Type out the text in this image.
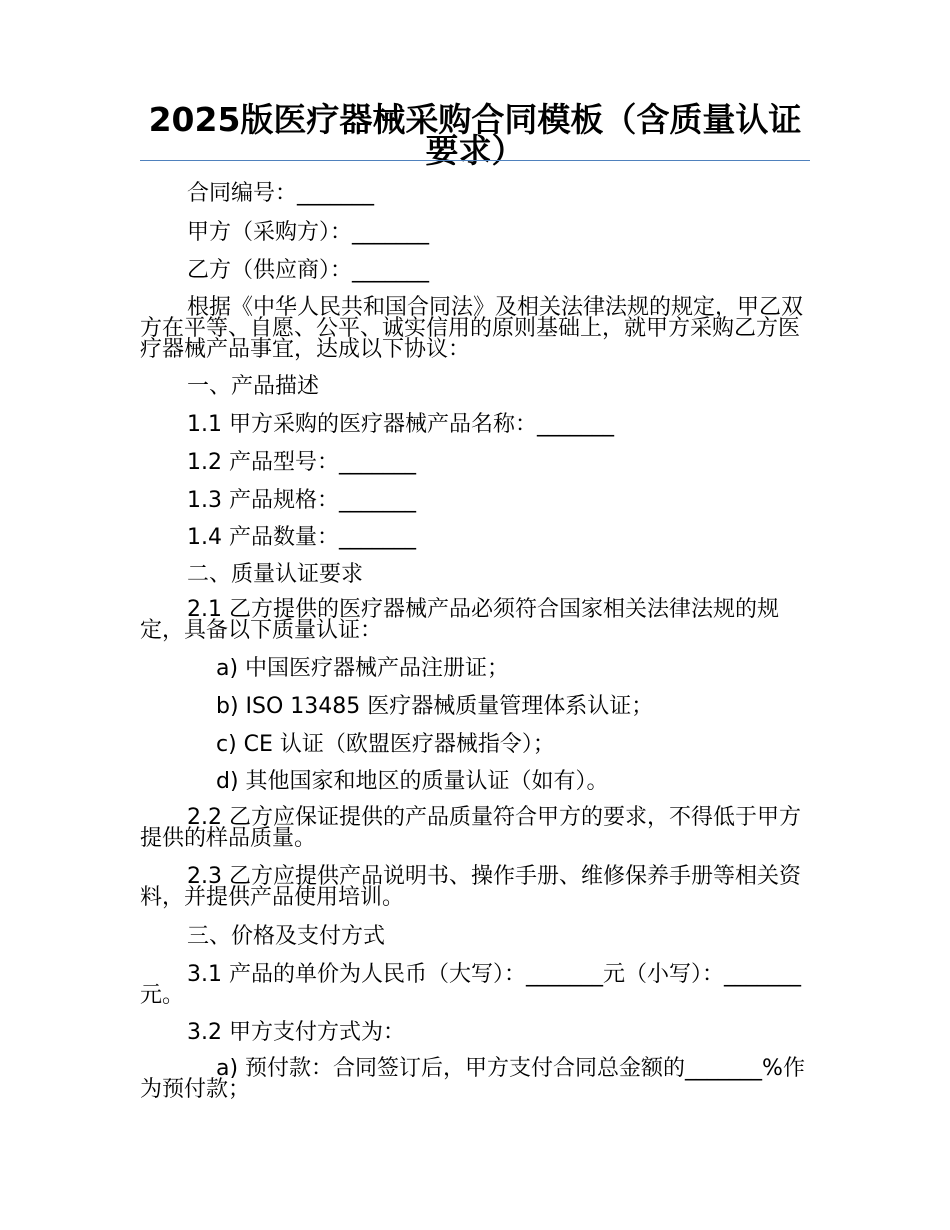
2025版医疗器械采购合同模板（含质量认证要求）
合同编号：_______
甲方（采购方）：_______
乙方（供应商）：_______
根据《中华人民共和国合同法》及相关法律法规的规定，甲乙双方在平等、自愿、公平、诚实信用的原则基础上，就甲方采购乙方医疗器械产品事宜，达成以下协议：
一、产品描述
1.1 甲方采购的医疗器械产品名称：_______
1.2 产品型号：_______
1.3 产品规格：_______
1.4 产品数量：_______
二、质量认证要求
2.1 乙方提供的医疗器械产品必须符合国家相关法律法规的规定，具备以下质量认证：
a) 中国医疗器械产品注册证；
b) ISO 13485 医疗器械质量管理体系认证；
c) CE 认证（欧盟医疗器械指令）；
d) 其他国家和地区的质量认证（如有）。
2.2 乙方应保证提供的产品质量符合甲方的要求，不得低于甲方提供的样品质量。
2.3 乙方应提供产品说明书、操作手册、维修保养手册等相关资料，并提供产品使用培训。
三、价格及支付方式
3.1 产品的单价为人民币（大写）：_______元（小写）：_______元。
3.2 甲方支付方式为：
a) 预付款：合同签订后，甲方支付合同总金额的_______%作为预付款；
